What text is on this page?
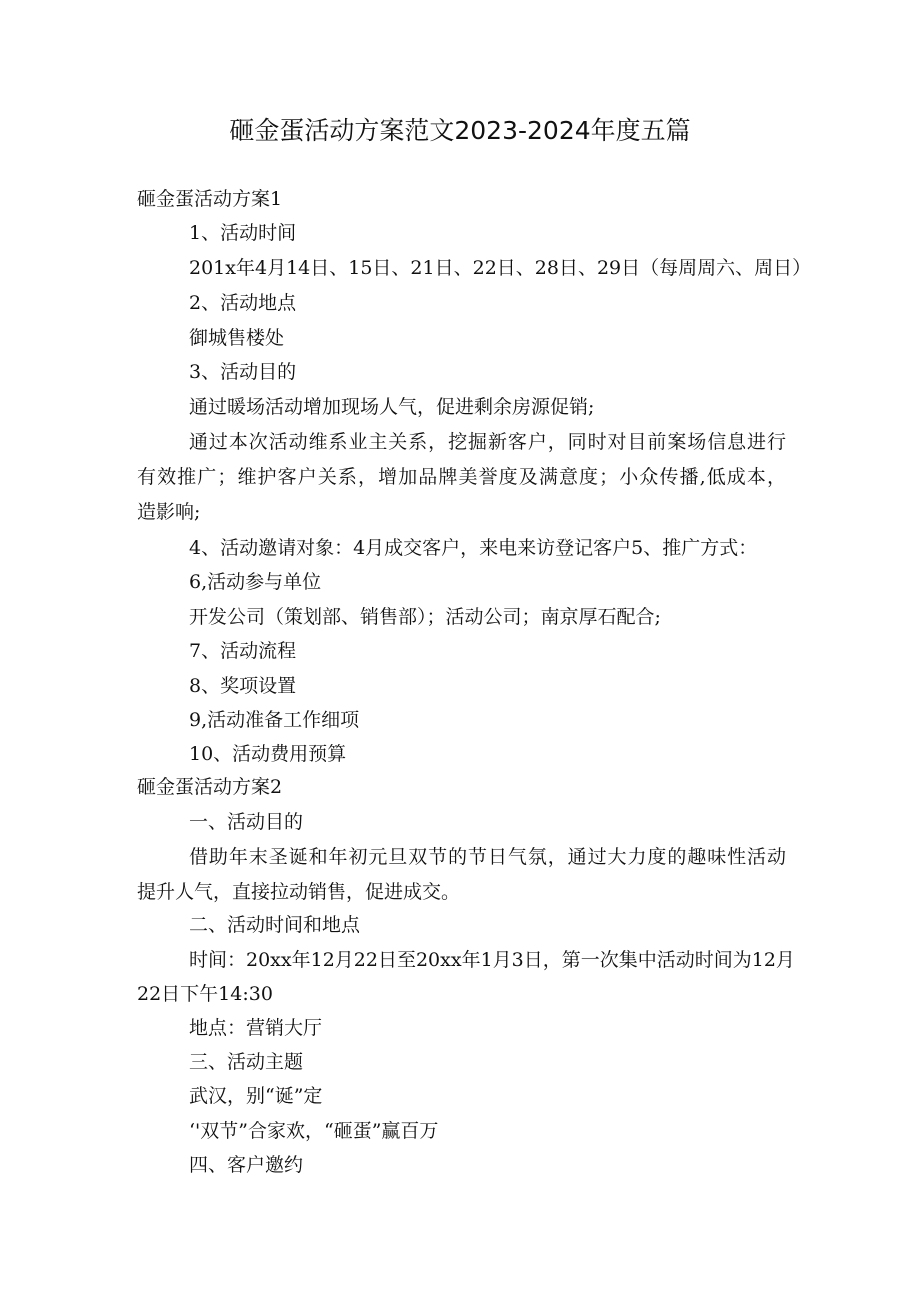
砸金蛋活动方案范文2023-2024年度五篇
砸金蛋活动方案1
1、活动时间
201x年4月14日、15日、21日、22日、28日、29日（每周周六、周日）
2、活动地点
御城售楼处
3、活动目的
通过暖场活动增加现场人气，促进剩余房源促销;
通过本次活动维系业主关系，挖掘新客户，同时对目前案场信息进行
有效推广；维护客户关系，增加品牌美誉度及满意度；小众传播,低成本，
造影响;
4、活动邀请对象：4月成交客户，来电来访登记客户5、推广方式：
6,活动参与单位
开发公司（策划部、销售部）；活动公司；南京厚石配合;
7、活动流程
8、奖项设置
9,活动准备工作细项
10、活动费用预算
砸金蛋活动方案2
一、活动目的
借助年末圣诞和年初元旦双节的节日气氛，通过大力度的趣味性活动
提升人气，直接拉动销售，促进成交。
二、活动时间和地点
时间：20xx年12月22日至20xx年1月3日，第一次集中活动时间为12月
22日下午14:30
地点：营销大厅
三、活动主题
武汉，别“诞”定
‘'双节”合家欢，“砸蛋”赢百万
四、客户邀约
